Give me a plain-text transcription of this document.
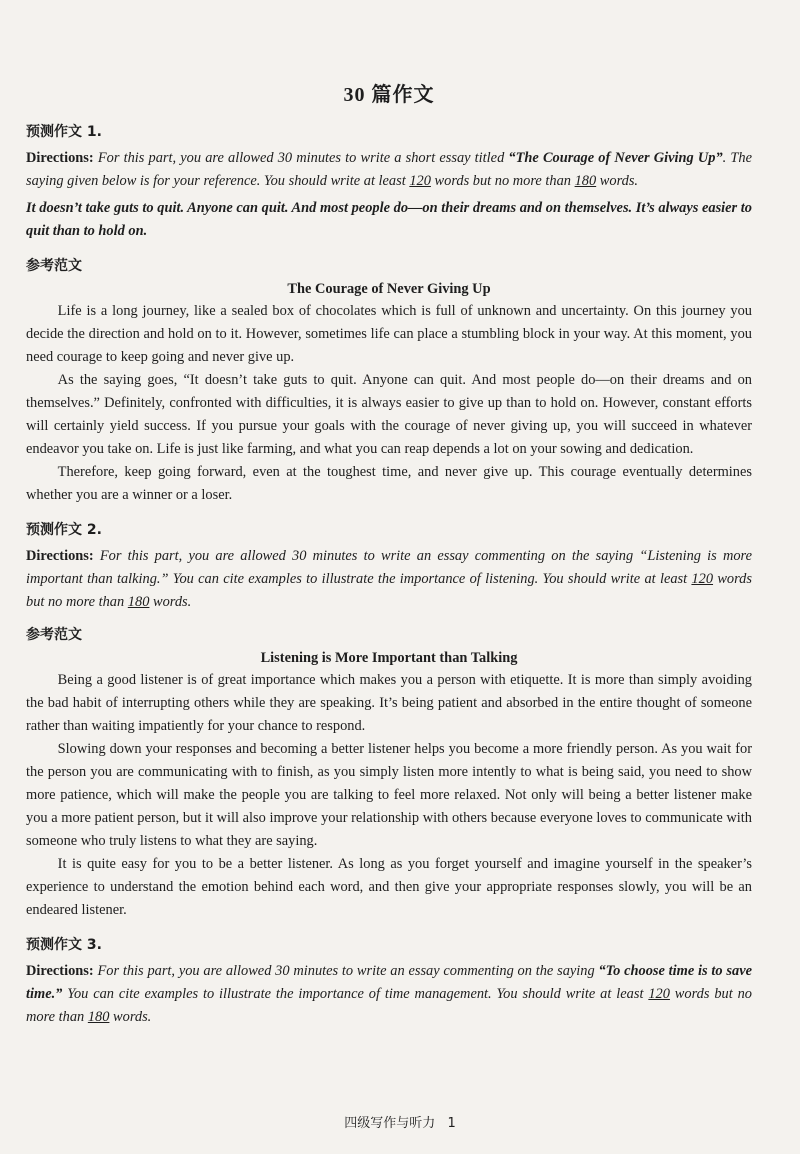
30 篇作文
预测作文 1.

Directions: For this part, you are allowed 30 minutes to write a short essay titled “The Courage of Never Giving Up”. The saying given below is for your reference. You should write at least 120 words but no more than 180 words.

It doesn’t take guts to quit. Anyone can quit. And most people do—on their dreams and on themselves. It’s always easier to quit than to hold on.

参考范文
The Courage of Never Giving Up

Life is a long journey, like a sealed box of chocolates which is full of unknown and uncertainty. On this journey you decide the direction and hold on to it. However, sometimes life can place a stumbling block in your way. At this moment, you need courage to keep going and never give up.

As the saying goes, “It doesn’t take guts to quit. Anyone can quit. And most people do—on their dreams and on themselves.” Definitely, confronted with difficulties, it is always easier to give up than to hold on. However, constant efforts will certainly yield success. If you pursue your goals with the courage of never giving up, you will succeed in whatever endeavor you take on. Life is just like farming, and what you can reap depends a lot on your sowing and dedication.

Therefore, keep going forward, even at the toughest time, and never give up. This courage eventually determines whether you are a winner or a loser.

预测作文 2.

Directions: For this part, you are allowed 30 minutes to write an essay commenting on the saying “Listening is more important than talking.” You can cite examples to illustrate the importance of listening. You should write at least 120 words but no more than 180 words.

参考范文
Listening is More Important than Talking

Being a good listener is of great importance which makes you a person with etiquette. It is more than simply avoiding the bad habit of interrupting others while they are speaking. It’s being patient and absorbed in the entire thought of someone rather than waiting impatiently for your chance to respond.

Slowing down your responses and becoming a better listener helps you become a more friendly person. As you wait for the person you are communicating with to finish, as you simply listen more intently to what is being said, you need to show more patience, which will make the people you are talking to feel more relaxed. Not only will being a better listener make you a more patient person, but it will also improve your relationship with others because everyone loves to communicate with someone who truly listens to what they are saying.

It is quite easy for you to be a better listener. As long as you forget yourself and imagine yourself in the speaker’s experience to understand the emotion behind each word, and then give your appropriate responses slowly, you will be an endeared listener.

预测作文 3.

Directions: For this part, you are allowed 30 minutes to write an essay commenting on the saying “To choose time is to save time.” You can cite examples to illustrate the importance of time management. You should write at least 120 words but no more than 180 words.

四级写作与听力 1
